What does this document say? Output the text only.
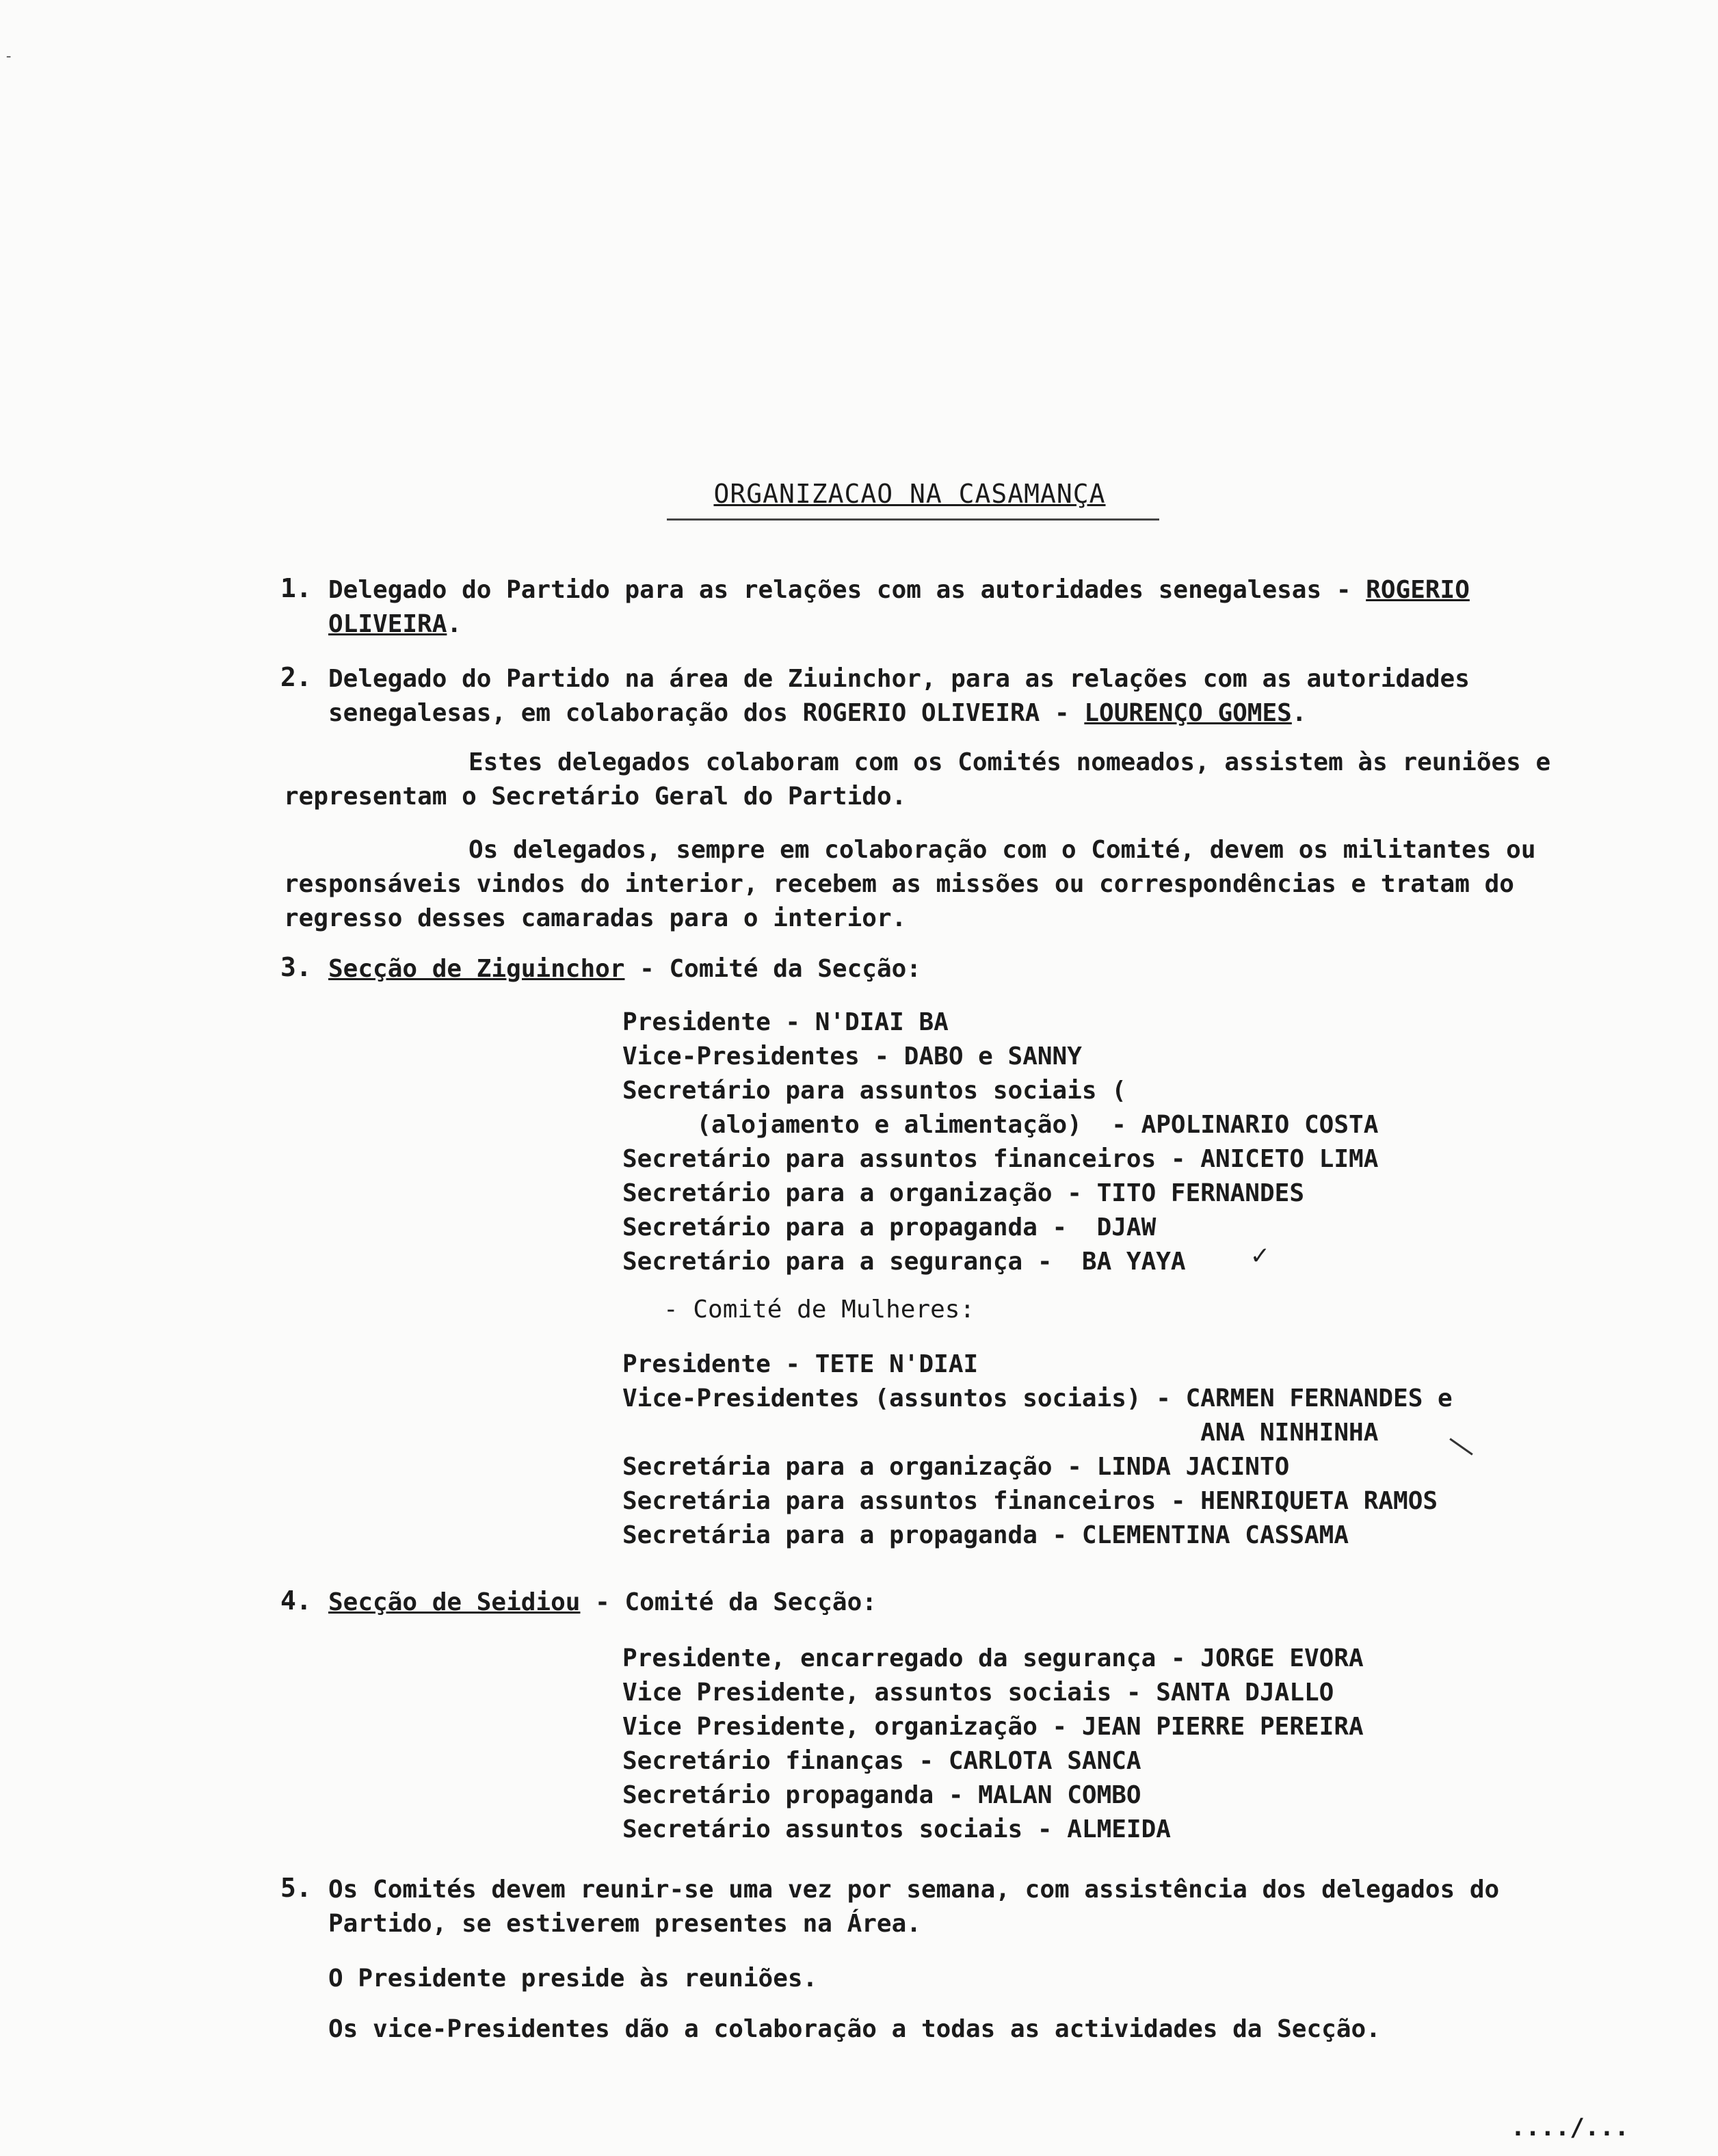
-
ORGANIZACAO NA CASAMANÇA
1. Delegado do Partido para as relações com as autoridades senegalesas - ROGERIO OLIVEIRA.
2. Delegado do Partido na área de Ziuinchor, para as relações com as autoridades senegalesas, em colaboração dos ROGERIO OLIVEIRA - LOURENÇO GOMES.
Estes delegados colaboram com os Comités nomeados, assistem às reuniões e representam o Secretário Geral do Partido.
Os delegados, sempre em colaboração com o Comité, devem os militantes ou responsáveis vindos do interior, recebem as missões ou correspondências e tratam do regresso desses camaradas para o interior.
3. Secção de Ziguinchor - Comité da Secção:
Presidente - N'DIAI BA
Vice-Presidentes - DABO e SANNY
Secretário para assuntos sociais (
(alojamento e alimentação)  - APOLINARIO COSTA
Secretário para assuntos financeiros - ANICETO LIMA
Secretário para a organização - TITO FERNANDES
Secretário para a propaganda -  DJAW
Secretário para a segurança -  BA YAYA	✓
- Comité de Mulheres:
Presidente - TETE N'DIAI
Vice-Presidentes (assuntos sociais) - CARMEN FERNANDES e
ANA NINHINHA
Secretária para a organização - LINDA JACINTO
Secretária para assuntos financeiros - HENRIQUETA RAMOS
Secretária para a propaganda - CLEMENTINA CASSAMA
4. Secção de Seidiou - Comité da Secção:
Presidente, encarregado da segurança - JORGE EVORA
Vice Presidente, assuntos sociais - SANTA DJALLO
Vice Presidente, organização - JEAN PIERRE PEREIRA
Secretário finanças - CARLOTA SANCA
Secretário propaganda - MALAN COMBO
Secretário assuntos sociais - ALMEIDA
5. Os Comités devem reunir-se uma vez por semana, com assistência dos delegados do Partido, se estiverem presentes na Área.
O Presidente preside às reuniões.
Os vice-Presidentes dão a colaboração a todas as actividades da Secção.
..../...
